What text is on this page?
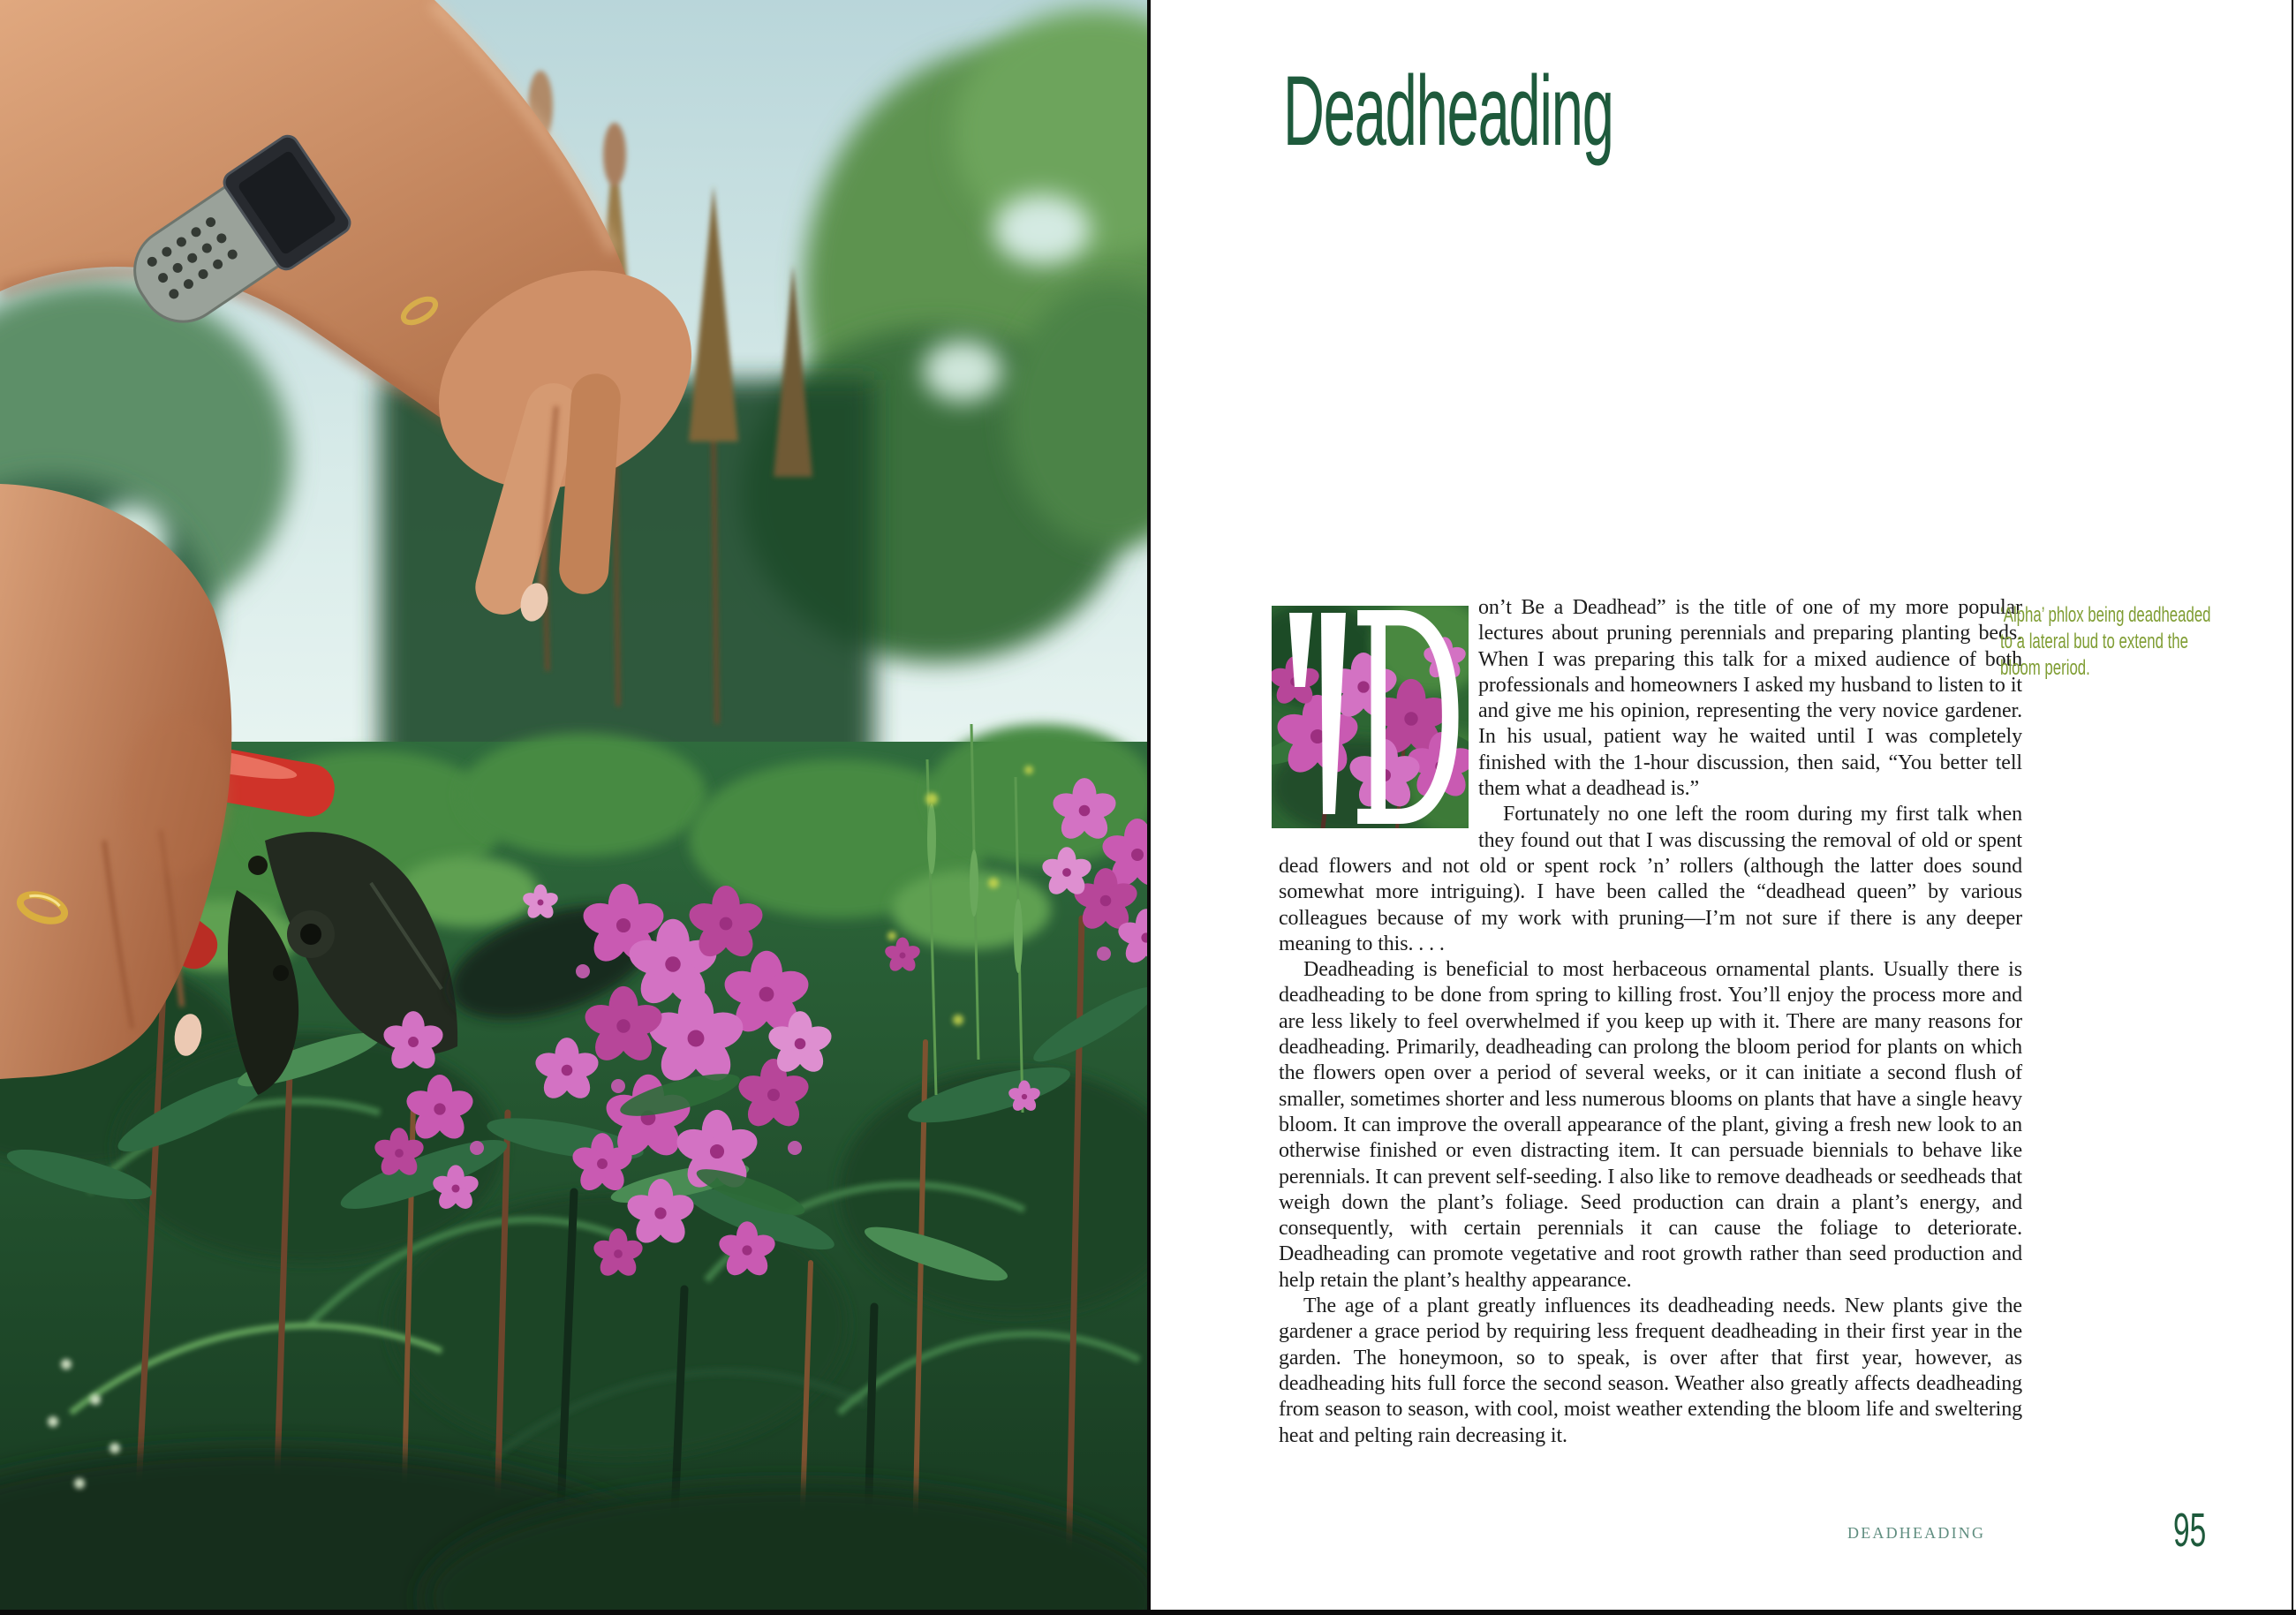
Deadheading

D on’t Be a Deadhead” is the title of one of my more popular lectures about pruning perennials and preparing planting beds. When I was preparing this talk for a mixed audience of both professionals and homeowners I asked my husband to listen to it and give me his opinion, representing the very novice gardener. In his usual, patient way he waited until I was completely finished with the 1-hour discussion, then said, “You better tell them what a deadhead is.”

Fortunately no one left the room during my first talk when they found out that I was discussing the removal of old or spent dead flowers and not old or spent rock ’n’ rollers (although the latter does sound somewhat more intriguing). I have been called the “deadhead queen” by various colleagues because of my work with pruning—I’m not sure if there is any deeper meaning to this. . . .

Deadheading is beneficial to most herbaceous ornamental plants. Usually there is deadheading to be done from spring to killing frost. You’ll enjoy the process more and are less likely to feel overwhelmed if you keep up with it. There are many reasons for deadheading. Primarily, deadheading can prolong the bloom period for plants on which the flowers open over a period of several weeks, or it can initiate a second flush of smaller, sometimes shorter and less numerous blooms on plants that have a single heavy bloom. It can improve the overall appearance of the plant, giving a fresh new look to an otherwise finished or even distracting item. It can persuade biennials to behave like perennials. It can prevent self-seeding. I also like to remove deadheads or seedheads that weigh down the plant’s foliage. Seed production can drain a plant’s energy, and consequently, with certain perennials it can cause the foliage to deteriorate. Deadheading can promote vegetative and root growth rather than seed production and help retain the plant’s healthy appearance.

The age of a plant greatly influences its deadheading needs. New plants give the gardener a grace period by requiring less frequent deadheading in their first year in the garden. The honeymoon, so to speak, is over after that first year, however, as deadheading hits full force the second season. Weather also greatly affects deadheading from season to season, with cool, moist weather extending the bloom life and sweltering heat and pelting rain decreasing it.

‘Alpha’ phlox being deadheaded
to a lateral bud to extend the
bloom period.
DEADHEADING	95
